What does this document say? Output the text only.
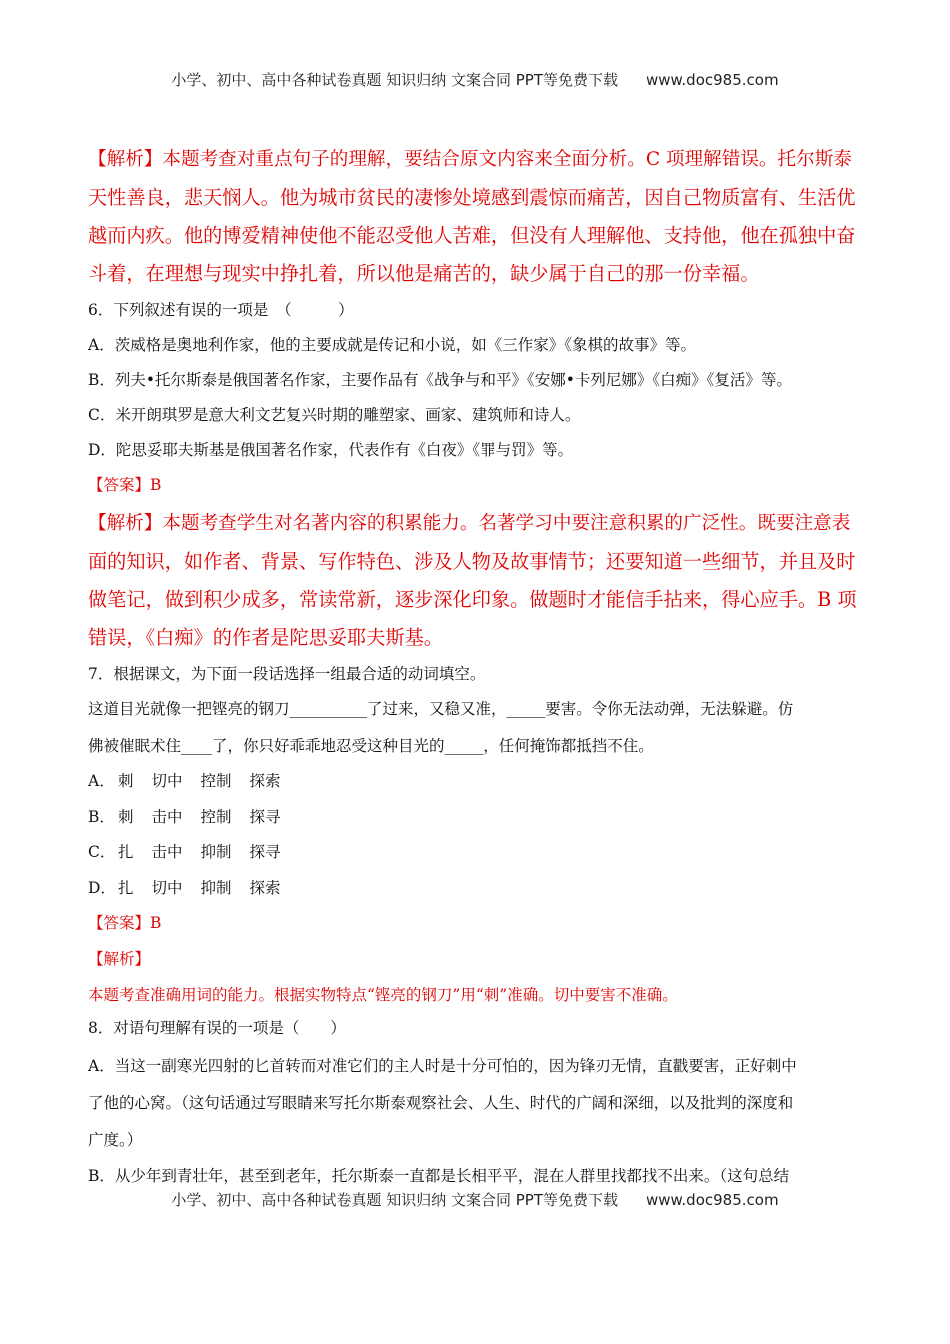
小学、初中、高中各种试卷真题 知识归纳 文案合同 PPT等免费下载 www.doc985.com
【解析】本题考查对重点句子的理解，要结合原文内容来全面分析。C 项理解错误。托尔斯泰
天性善良，悲天悯人。他为城市贫民的凄惨处境感到震惊而痛苦，因自己物质富有、生活优
越而内疚。他的博爱精神使他不能忍受他人苦难，但没有人理解他、支持他，他在孤独中奋
斗着，在理想与现实中挣扎着，所以他是痛苦的，缺少属于自己的那一份幸福。
6．下列叙述有误的一项是　（　　　）
A．茨威格是奥地利作家，他的主要成就是传记和小说，如《三作家》《象棋的故事》等。
B．列夫•托尔斯泰是俄国著名作家，主要作品有《战争与和平》《安娜•卡列尼娜》《白痴》《复活》等。
C．米开朗琪罗是意大利文艺复兴时期的雕塑家、画家、建筑师和诗人。
D．陀思妥耶夫斯基是俄国著名作家，代表作有《白夜》《罪与罚》等。
【答案】B
【解析】本题考查学生对名著内容的积累能力。名著学习中要注意积累的广泛性。既要注意表
面的知识，如作者、背景、写作特色、涉及人物及故事情节；还要知道一些细节，并且及时
做笔记，做到积少成多，常读常新，逐步深化印象。做题时才能信手拈来，得心应手。B 项
错误，《白痴》的作者是陀思妥耶夫斯基。
7．根据课文，为下面一段话选择一组最合适的动词填空。
这道目光就像一把铿亮的钢刀__________了过来，又稳又准，_____要害。令你无法动弹，无法躲避。仿
佛被催眠术住____了，你只好乖乖地忍受这种目光的_____，任何掩饰都抵挡不住。
A． 刺 切中 控制 探索
B． 刺 击中 控制 探寻
C． 扎 击中 抑制 探寻
D． 扎 切中 抑制 探索
【答案】B
【解析】
本题考查准确用词的能力。根据实物特点“铿亮的钢刀”用“刺”准确。切中要害不准确。
8．对语句理解有误的一项是（　　）
A．当这一副寒光四射的匕首转而对准它们的主人时是十分可怕的，因为锋刃无情，直戳要害，正好刺中
了他的心窝。（这句话通过写眼睛来写托尔斯泰观察社会、人生、时代的广阔和深细，以及批判的深度和
广度。）
B．从少年到青壮年，甚至到老年，托尔斯泰一直都是长相平平，混在人群里找都找不出来。（这句总结
小学、初中、高中各种试卷真题 知识归纳 文案合同 PPT等免费下载 www.doc985.com
